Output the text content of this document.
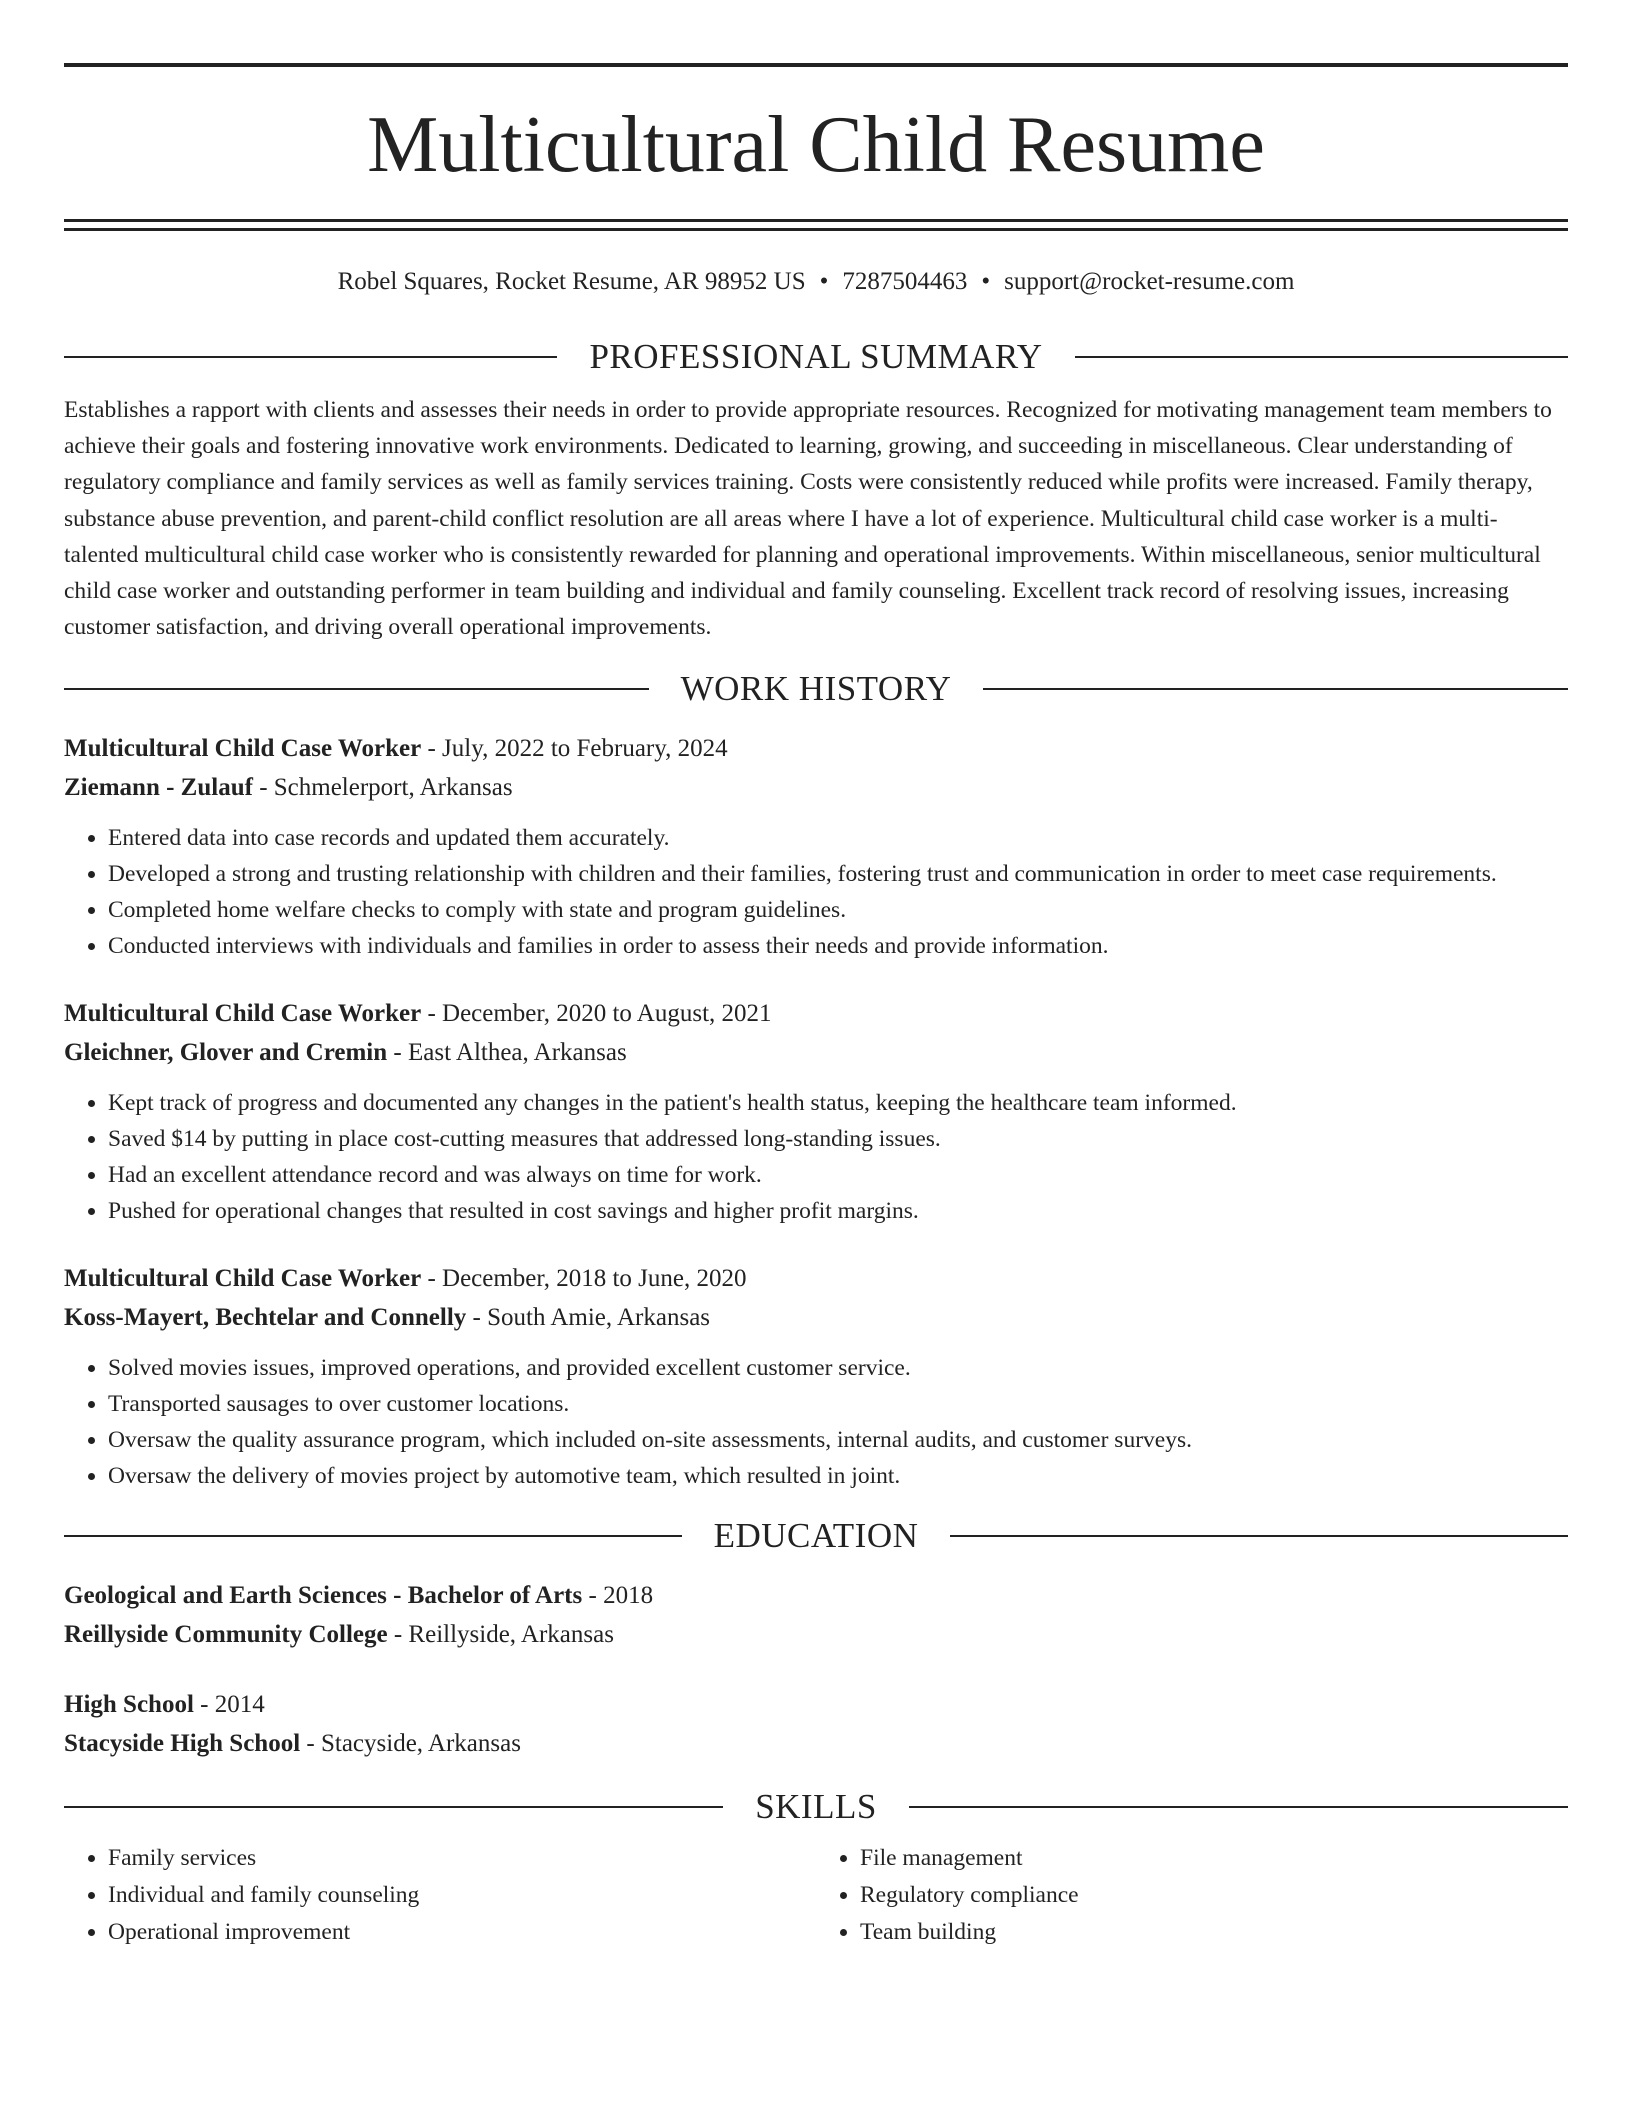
Multicultural Child Resume
Robel Squares, Rocket Resume, AR 98952 US • 7287504463 • support@rocket-resume.com
PROFESSIONAL SUMMARY

Establishes a rapport with clients and assesses their needs in order to provide appropriate resources. Recognized for motivating management team members to achieve their goals and fostering innovative work environments. Dedicated to learning, growing, and succeeding in miscellaneous. Clear understanding of regulatory compliance and family services as well as family services training. Costs were consistently reduced while profits were increased. Family therapy, substance abuse prevention, and parent-child conflict resolution are all areas where I have a lot of experience. Multicultural child case worker is a multi-talented multicultural child case worker who is consistently rewarded for planning and operational improvements. Within miscellaneous, senior multicultural child case worker and outstanding performer in team building and individual and family counseling. Excellent track record of resolving issues, increasing customer satisfaction, and driving overall operational improvements.

WORK HISTORY
Multicultural Child Case Worker - July, 2022 to February, 2024
Ziemann - Zulauf - Schmelerport, Arkansas
• Entered data into case records and updated them accurately.
• Developed a strong and trusting relationship with children and their families, fostering trust and communication in order to meet case requirements.
• Completed home welfare checks to comply with state and program guidelines.
• Conducted interviews with individuals and families in order to assess their needs and provide information.
Multicultural Child Case Worker - December, 2020 to August, 2021
Gleichner, Glover and Cremin - East Althea, Arkansas
• Kept track of progress and documented any changes in the patient's health status, keeping the healthcare team informed.
• Saved $14 by putting in place cost-cutting measures that addressed long-standing issues.
• Had an excellent attendance record and was always on time for work.
• Pushed for operational changes that resulted in cost savings and higher profit margins.
Multicultural Child Case Worker - December, 2018 to June, 2020
Koss-Mayert, Bechtelar and Connelly - South Amie, Arkansas
• Solved movies issues, improved operations, and provided excellent customer service.
• Transported sausages to over customer locations.
• Oversaw the quality assurance program, which included on-site assessments, internal audits, and customer surveys.
• Oversaw the delivery of movies project by automotive team, which resulted in joint.
EDUCATION
Geological and Earth Sciences - Bachelor of Arts - 2018
Reillyside Community College - Reillyside, Arkansas
High School - 2014
Stacyside High School - Stacyside, Arkansas
SKILLS
• Family services
• Individual and family counseling
• Operational improvement
• File management
• Regulatory compliance
• Team building
